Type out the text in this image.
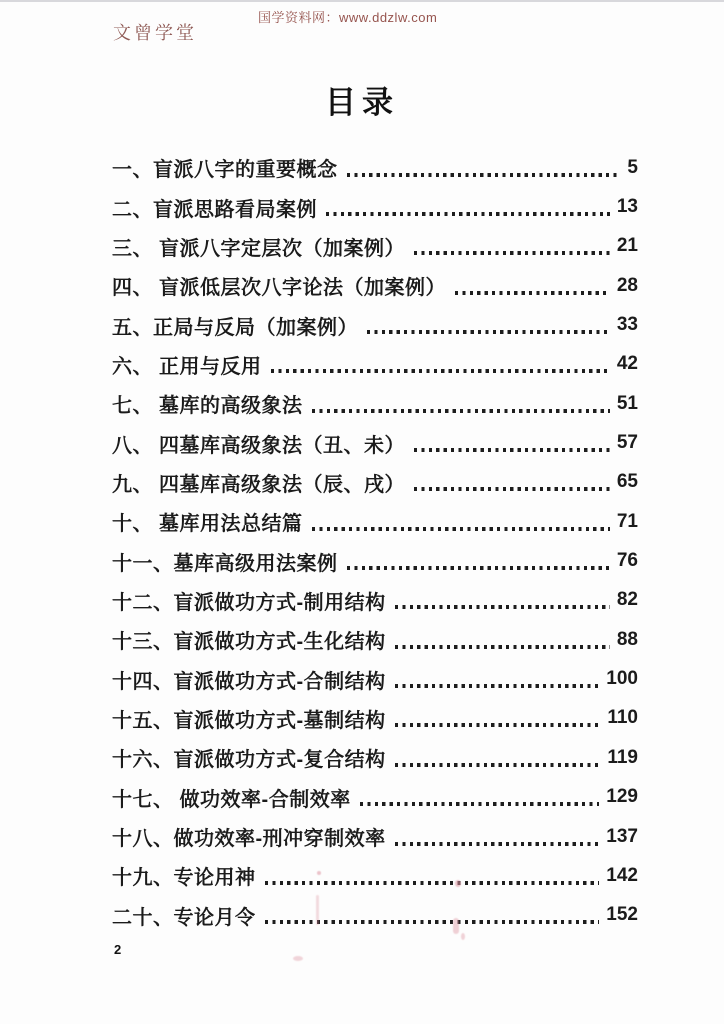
国学资料网：www.ddzlw.com
文曾学堂
目录
一、盲派八字的重要概念	5
二、盲派思路看局案例	13
三、 盲派八字定层次（加案例）	21
四、 盲派低层次八字论法（加案例）	28
五、正局与反局（加案例）	33
六、 正用与反用	42
七、 墓库的高级象法	51
八、 四墓库高级象法（丑、未）	57
九、 四墓库高级象法（辰、戌）	65
十、 墓库用法总结篇	71
十一、墓库高级用法案例	76
十二、盲派做功方式-制用结构	82
十三、盲派做功方式-生化结构	88
十四、盲派做功方式-合制结构	100
十五、盲派做功方式-墓制结构	110
十六、盲派做功方式-复合结构	119
十七、 做功效率-合制效率	129
十八、做功效率-刑冲穿制效率	137
十九、专论用神	142
二十、专论月令	152
2
